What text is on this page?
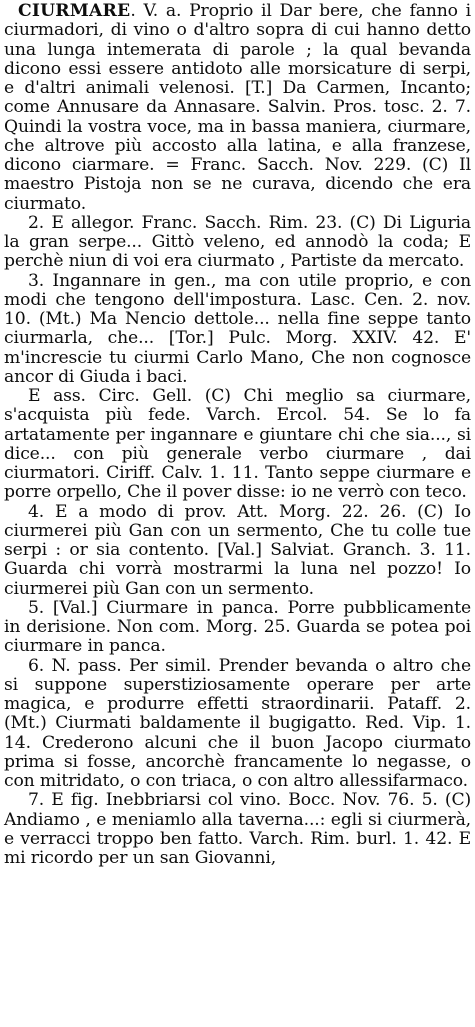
CIURMARE. V. a. Proprio il Dar bere, che fanno i ciurmadori, di vino o d'altro sopra di cui hanno detto una lunga intemerata di parole ; la qual bevanda dicono essi essere antidoto alle morsicature di serpi, e d'altri animali velenosi. [T.] Da Carmen, Incanto; come Annusare da Annasare. Salvin. Pros. tosc. 2. 7. Quindi la vostra voce, ma in bassa maniera, ciurmare, che altrove più accosto alla latina, e alla franzese, dicono ciarmare. = Franc. Sacch. Nov. 229. (C) Il maestro Pistoja non se ne curava, dicendo che era ciurmato.

2. E allegor. Franc. Sacch. Rim. 23. (C) Di Liguria la gran serpe... Gittò veleno, ed annodò la coda; E perchè niun di voi era ciurmato , Partiste da mercato.

3. Ingannare in gen., ma con utile proprio, e con modi che tengono dell'impostura. Lasc. Cen. 2. nov. 10. (Mt.) Ma Nencio dettole... nella fine seppe tanto ciurmarla, che... [Tor.] Pulc. Morg. XXIV. 42. E' m'increscie tu ciurmi Carlo Mano, Che non cognosce ancor di Giuda i baci.

E ass. Circ. Gell. (C) Chi meglio sa ciurmare, s'acquista più fede. Varch. Ercol. 54. Se lo fa artatamente per ingannare e giuntare chi che sia..., si dice... con più generale verbo ciurmare , dai ciurmatori. Ciriff. Calv. 1. 11. Tanto seppe ciurmare e porre orpello, Che il pover disse: io ne verrò con teco.

4. E a modo di prov. Att. Morg. 22. 26. (C) Io ciurmerei più Gan con un sermento, Che tu colle tue serpi : or sia contento. [Val.] Salviat. Granch. 3. 11. Guarda chi vorrà mostrarmi la luna nel pozzo! Io ciurmerei più Gan con un sermento.

5. [Val.] Ciurmare in panca. Porre pubblicamente in derisione. Non com. Morg. 25. Guarda se potea poi ciurmare in panca.

6. N. pass. Per simil. Prender bevanda o altro che si suppone superstiziosamente operare per arte magica, e produrre effetti straordinarii. Pataff. 2. (Mt.) Ciurmati baldamente il bugigatto. Red. Vip. 1. 14. Crederono alcuni che il buon Jacopo ciurmato prima si fosse, ancorchè francamente lo negasse, o con mitridato, o con triaca, o con altro allessifarmaco.

7. E fig. Inebbriarsi col vino. Bocc. Nov. 76. 5. (C) Andiamo , e meniamlo alla taverna...: egli si ciurmerà, e verracci troppo ben fatto. Varch. Rim. burl. 1. 42. E mi ricordo per un san Giovanni,
